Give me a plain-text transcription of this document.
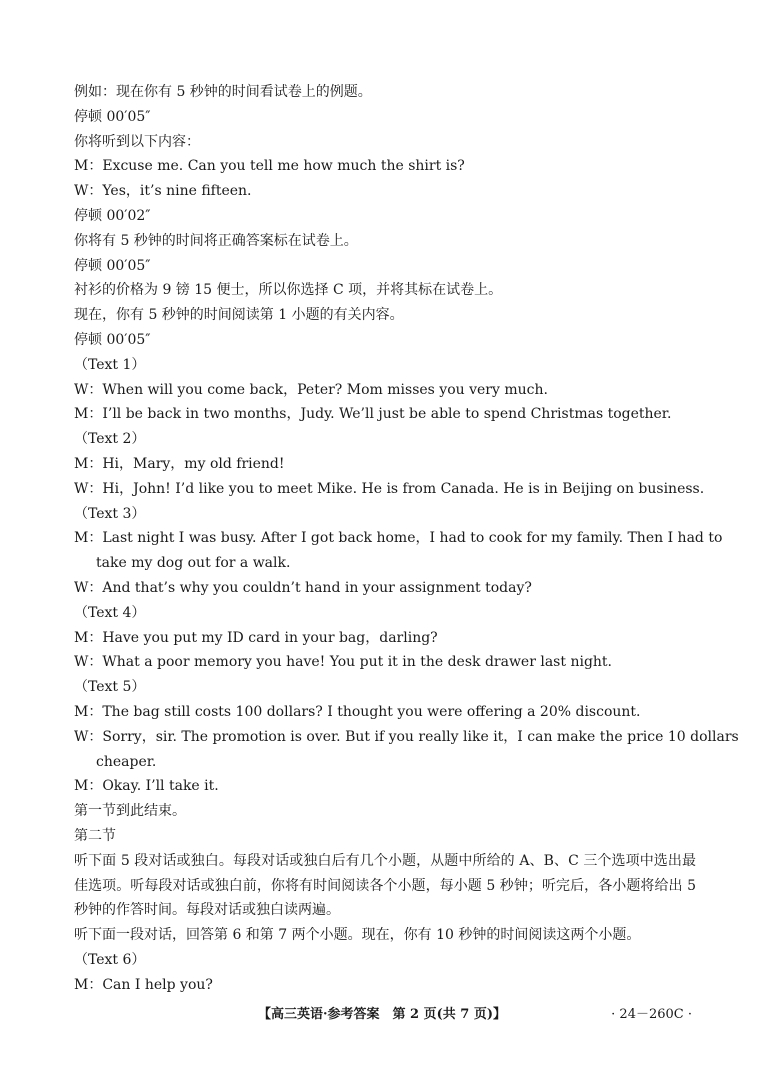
例如：现在你有 5 秒钟的时间看试卷上的例题。
停顿 00′05″
你将听到以下内容：
M：Excuse me. Can you tell me how much the shirt is?
W：Yes，it’s nine fifteen.
停顿 00′02″
你将有 5 秒钟的时间将正确答案标在试卷上。
停顿 00′05″
衬衫的价格为 9 镑 15 便士，所以你选择 C 项，并将其标在试卷上。
现在，你有 5 秒钟的时间阅读第 1 小题的有关内容。
停顿 00′05″
（Text 1）
W：When will you come back，Peter? Mom misses you very much.
M：I’ll be back in two months，Judy. We’ll just be able to spend Christmas together.
（Text 2）
M：Hi，Mary，my old friend!
W：Hi，John! I’d like you to meet Mike. He is from Canada. He is in Beijing on business.
（Text 3）
M：Last night I was busy. After I got back home，I had to cook for my family. Then I had to
take my dog out for a walk.
W：And that’s why you couldn’t hand in your assignment today?
（Text 4）
M：Have you put my ID card in your bag，darling?
W：What a poor memory you have! You put it in the desk drawer last night.
（Text 5）
M：The bag still costs 100 dollars? I thought you were offering a 20% discount.
W：Sorry，sir. The promotion is over. But if you really like it，I can make the price 10 dollars
cheaper.
M：Okay. I’ll take it.
第一节到此结束。
第二节
听下面 5 段对话或独白。每段对话或独白后有几个小题，从题中所给的 A、B、C 三个选项中选出最佳选项。听每段对话或独白前，你将有时间阅读各个小题，每小题 5 秒钟；听完后，各小题将给出 5 秒钟的作答时间。每段对话或独白读两遍。
听下面一段对话，回答第 6 和第 7 两个小题。现在，你有 10 秒钟的时间阅读这两个小题。
（Text 6）
M：Can I help you?
【高三英语·参考答案　第 2 页(共 7 页)】	· 24－260C ·
